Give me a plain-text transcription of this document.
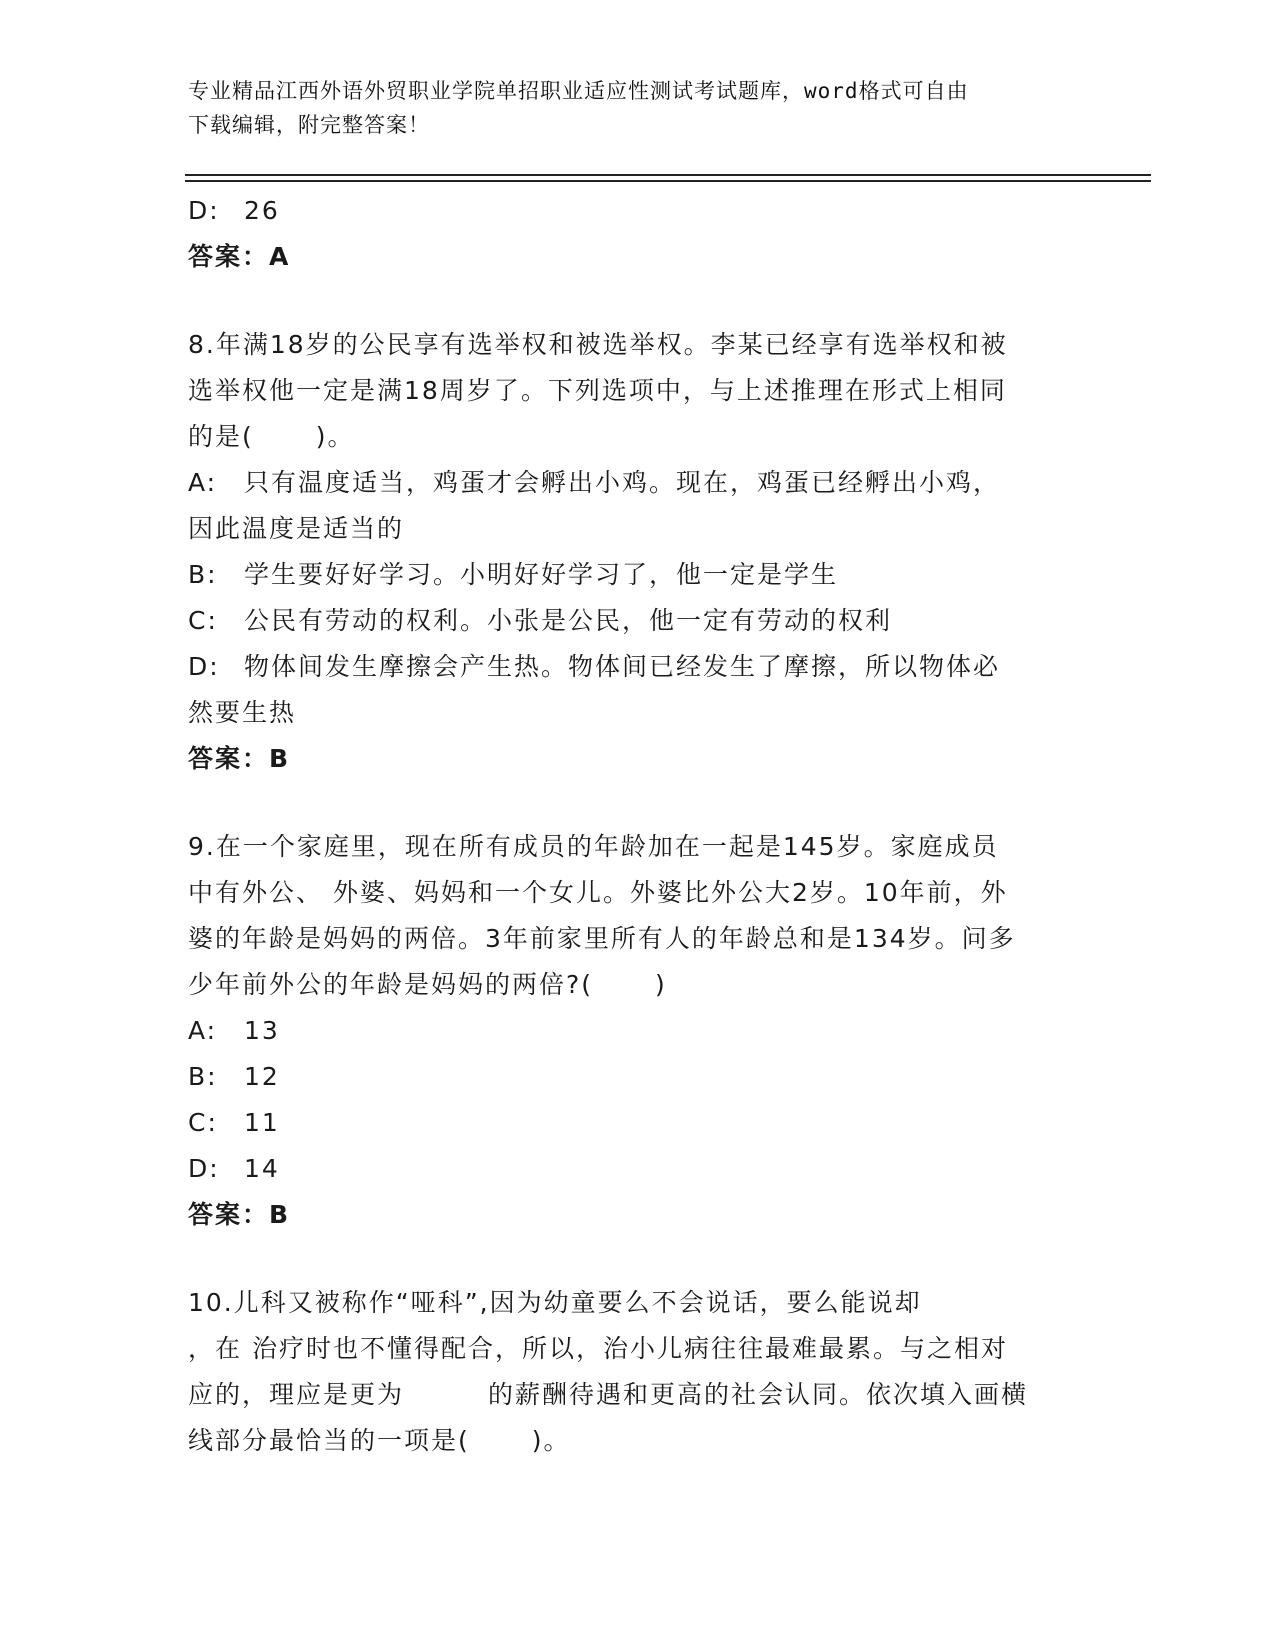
专业精品江西外语外贸职业学院单招职业适应性测试考试题库，word格式可自由
下载编辑，附完整答案！

D: 26

答案：A

8.年满18岁的公民享有选举权和被选举权。李某已经享有选举权和被

选举权他一定是满18周岁了。下列选项中，与上述推理在形式上相同

的是( )。

A: 只有温度适当，鸡蛋才会孵出小鸡。现在，鸡蛋已经孵出小鸡，

因此温度是适当的

B: 学生要好好学习。小明好好学习了，他一定是学生

C: 公民有劳动的权利。小张是公民，他一定有劳动的权利

D: 物体间发生摩擦会产生热。物体间已经发生了摩擦，所以物体必

然要生热

答案：B

9.在一个家庭里，现在所有成员的年龄加在一起是145岁。家庭成员

中有外公、 外婆、妈妈和一个女儿。外婆比外公大2岁。10年前，外

婆的年龄是妈妈的两倍。3年前家里所有人的年龄总和是134岁。问多

少年前外公的年龄是妈妈的两倍?( )

A: 13

B: 12

C: 11

D: 14

答案：B

10.儿科又被称作“哑科”,因为幼童要么不会说话，要么能说却

，在 治疗时也不懂得配合，所以，治小儿病往往最难最累。与之相对

应的，理应是更为	的薪酬待遇和更高的社会认同。依次填入画横

线部分最恰当的一项是( )。
